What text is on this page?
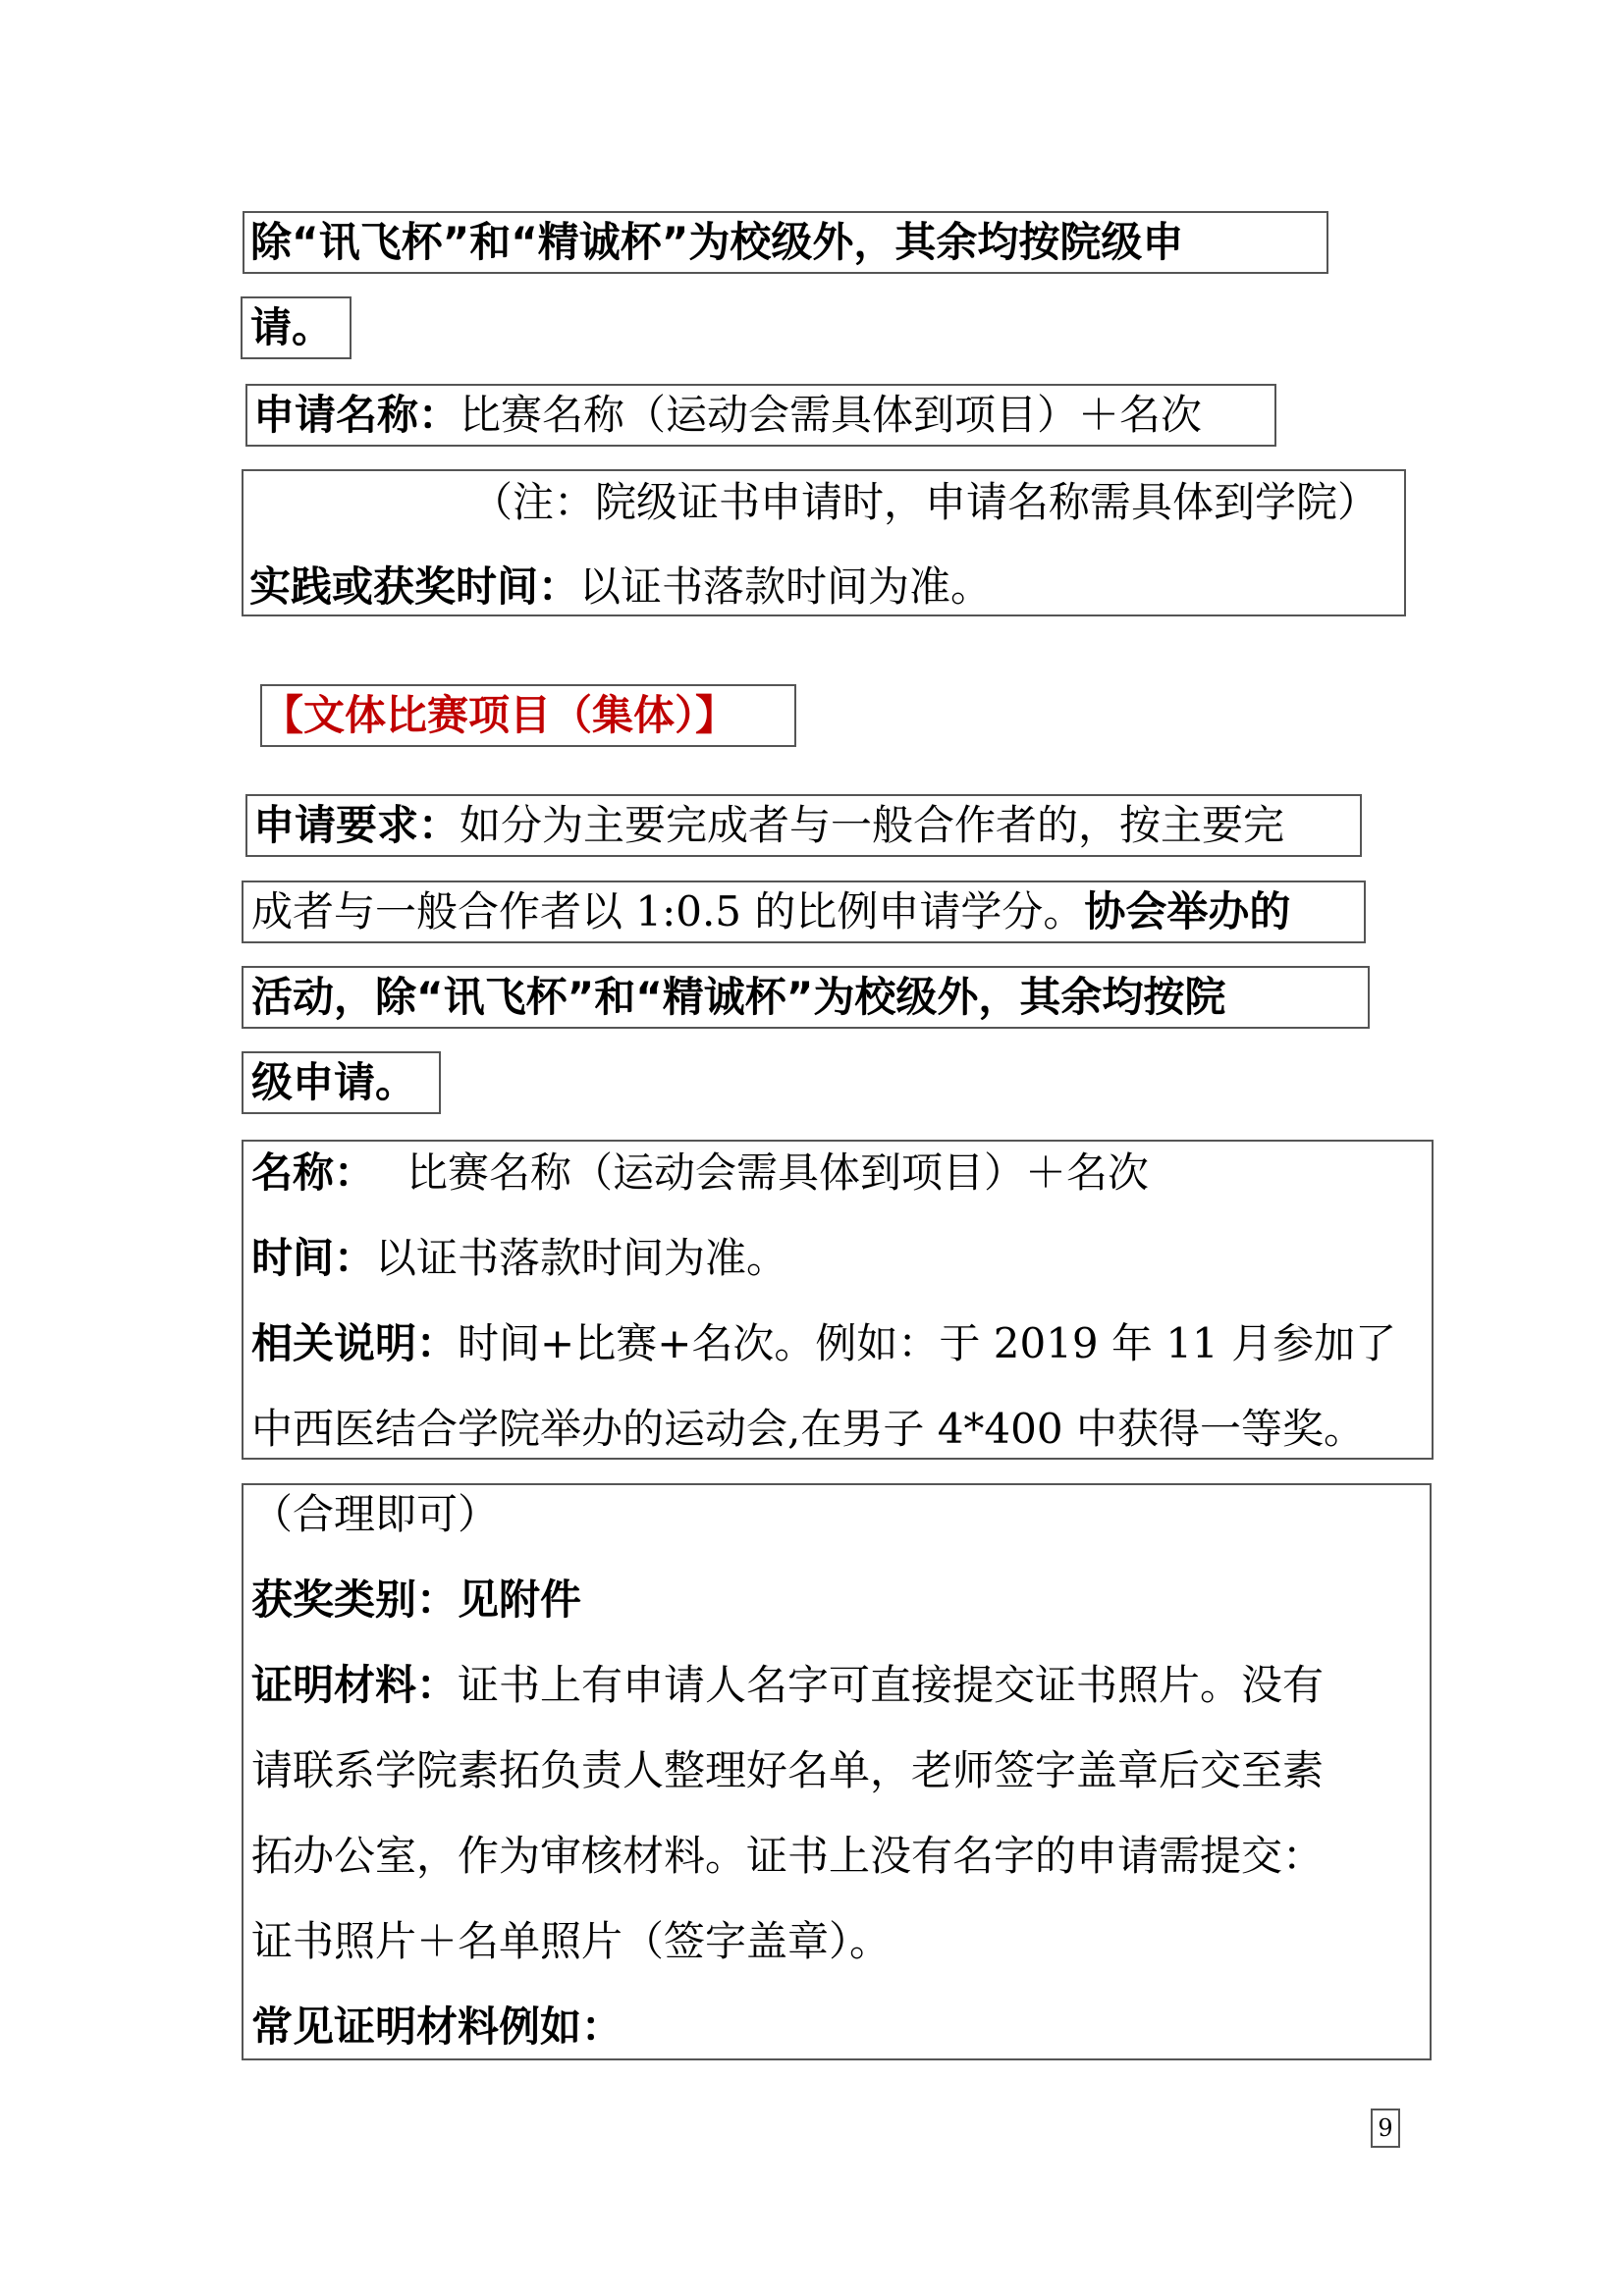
除“讯飞杯”和“精诚杯”为校级外，其余均按院级申
请。
申请名称：比赛名称（运动会需具体到项目）＋名次
（注：院级证书申请时，申请名称需具体到学院）
实践或获奖时间：以证书落款时间为准。
【文体比赛项目（集体）】
申请要求：如分为主要完成者与一般合作者的，按主要完
成者与一般合作者以 1:0.5 的比例申请学分。协会举办的
活动，除“讯飞杯”和“精诚杯”为校级外，其余均按院
级申请。
名称： 比赛名称（运动会需具体到项目）＋名次
时间：以证书落款时间为准。
相关说明：时间+比赛+名次。例如：于 2019 年 11 月参加了
中西医结合学院举办的运动会,在男子 4*400 中获得一等奖。
（合理即可）
获奖类别：见附件
证明材料：证书上有申请人名字可直接提交证书照片。没有
请联系学院素拓负责人整理好名单，老师签字盖章后交至素
拓办公室，作为审核材料。证书上没有名字的申请需提交：
证书照片＋名单照片（签字盖章）。
常见证明材料例如：
9
